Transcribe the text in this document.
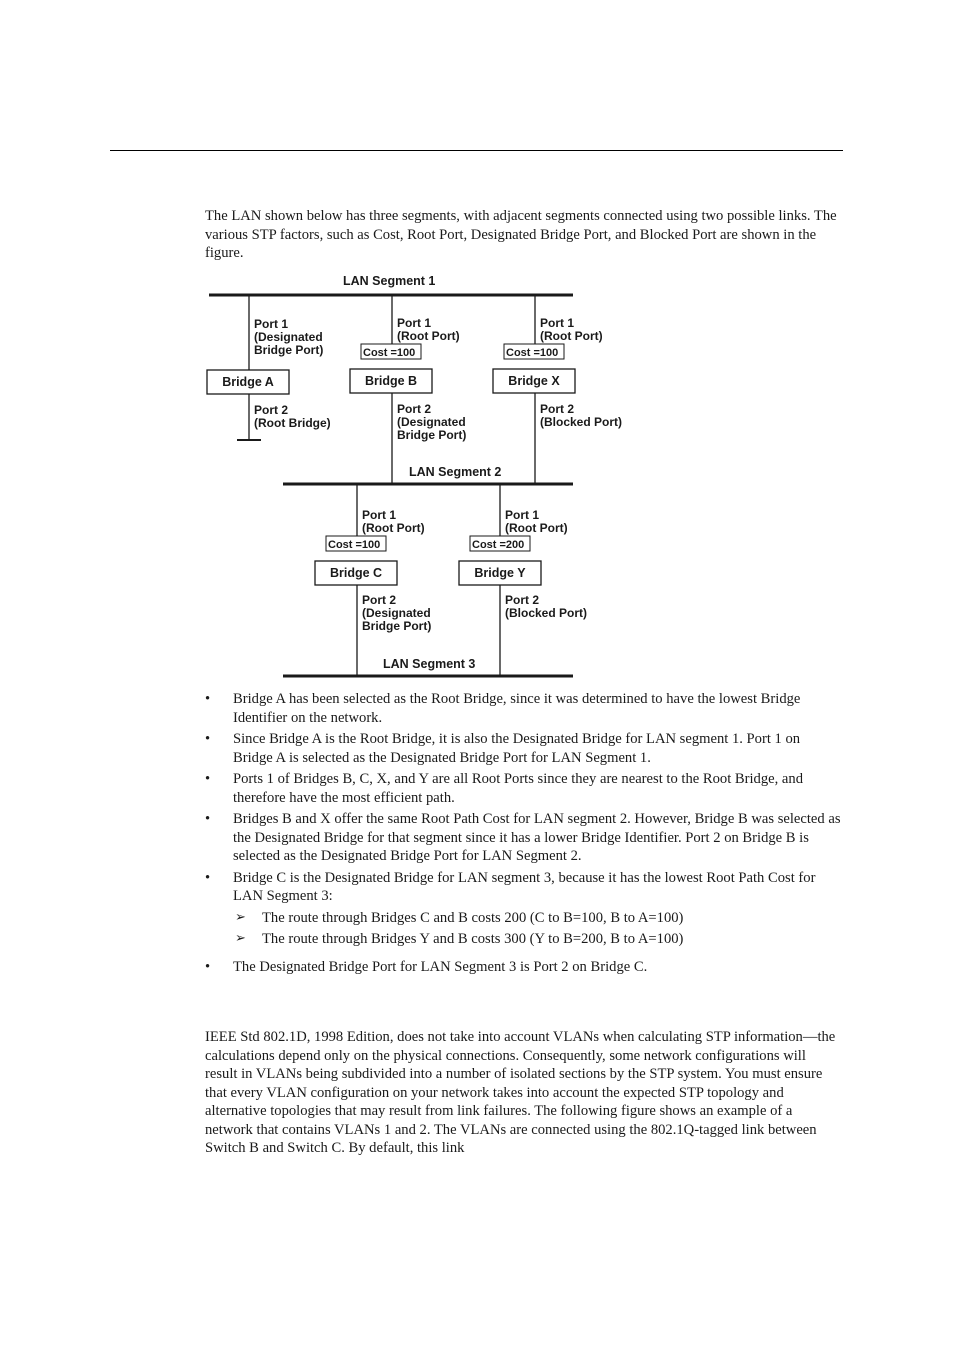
The LAN shown below has three segments, with adjacent segments connected using two possible links. The various STP factors, such as Cost, Root Port, Designated Bridge Port, and Blocked Port are shown in the figure.

LAN Segment 1
LAN Segment 2
LAN Segment 3
Bridge A	Bridge B	Bridge X
Bridge C	Bridge Y
Cost =100	Cost =100
Cost =100	Cost =200
Port 1 (Designated Bridge Port)
Port 2 (Root Bridge)
Port 1 (Root Port)
Port 2 (Designated Bridge Port)
Port 1 (Root Port)
Port 2 (Blocked Port)
Port 1 (Root Port)
Port 2 (Designated Bridge Port)
Port 1 (Root Port)
Port 2 (Blocked Port)
• Bridge A has been selected as the Root Bridge, since it was determined to have the lowest Bridge Identifier on the network.
• Since Bridge A is the Root Bridge, it is also the Designated Bridge for LAN segment 1. Port 1 on Bridge A is selected as the Designated Bridge Port for LAN Segment 1.
• Ports 1 of Bridges B, C, X, and Y are all Root Ports since they are nearest to the Root Bridge, and therefore have the most efficient path.
• Bridges B and X offer the same Root Path Cost for LAN segment 2. However, Bridge B was selected as the Designated Bridge for that segment since it has a lower Bridge Identifier. Port 2 on Bridge B is selected as the Designated Bridge Port for LAN Segment 2.
• Bridge C is the Designated Bridge for LAN segment 3, because it has the lowest Root Path Cost for LAN Segment 3:
➢ The route through Bridges C and B costs 200 (C to B=100, B to A=100)
➢ The route through Bridges Y and B costs 300 (Y to B=200, B to A=100)
• The Designated Bridge Port for LAN Segment 3 is Port 2 on Bridge C.

IEEE Std 802.1D, 1998 Edition, does not take into account VLANs when calculating STP information—the calculations depend only on the physical connections. Consequently, some network configurations will result in VLANs being subdivided into a number of isolated sections by the STP system. You must ensure that every VLAN configuration on your network takes into account the expected STP topology and alternative topologies that may result from link failures. The following figure shows an example of a network that contains VLANs 1 and 2. The VLANs are connected using the 802.1Q-tagged link between Switch B and Switch C. By default, this link
